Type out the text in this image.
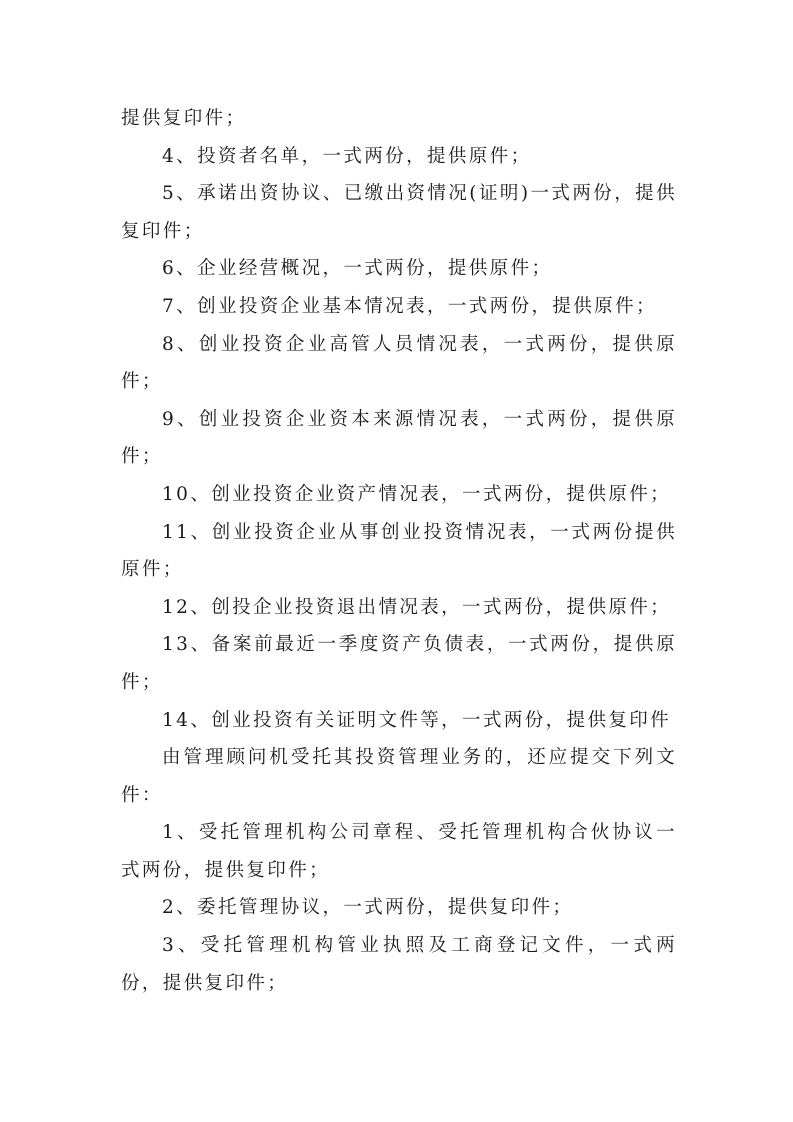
提供复印件；

4、投资者名单，一式两份，提供原件；

5、承诺出资协议、已缴出资情况(证明)一式两份，提供复印件；

6、企业经营概况，一式两份，提供原件；

7、创业投资企业基本情况表，一式两份，提供原件；

8、创业投资企业高管人员情况表，一式两份，提供原件；

9、创业投资企业资本来源情况表，一式两份，提供原件；

10、创业投资企业资产情况表，一式两份，提供原件；

11、创业投资企业从事创业投资情况表，一式两份提供原件；

12、创投企业投资退出情况表，一式两份，提供原件；

13、备案前最近一季度资产负债表，一式两份，提供原件；

14、创业投资有关证明文件等，一式两份，提供复印件

由管理顾问机受托其投资管理业务的，还应提交下列文件：

1、受托管理机构公司章程、受托管理机构合伙协议一式两份，提供复印件；

2、委托管理协议，一式两份，提供复印件；

3、受托管理机构管业执照及工商登记文件，一式两份，提供复印件；
